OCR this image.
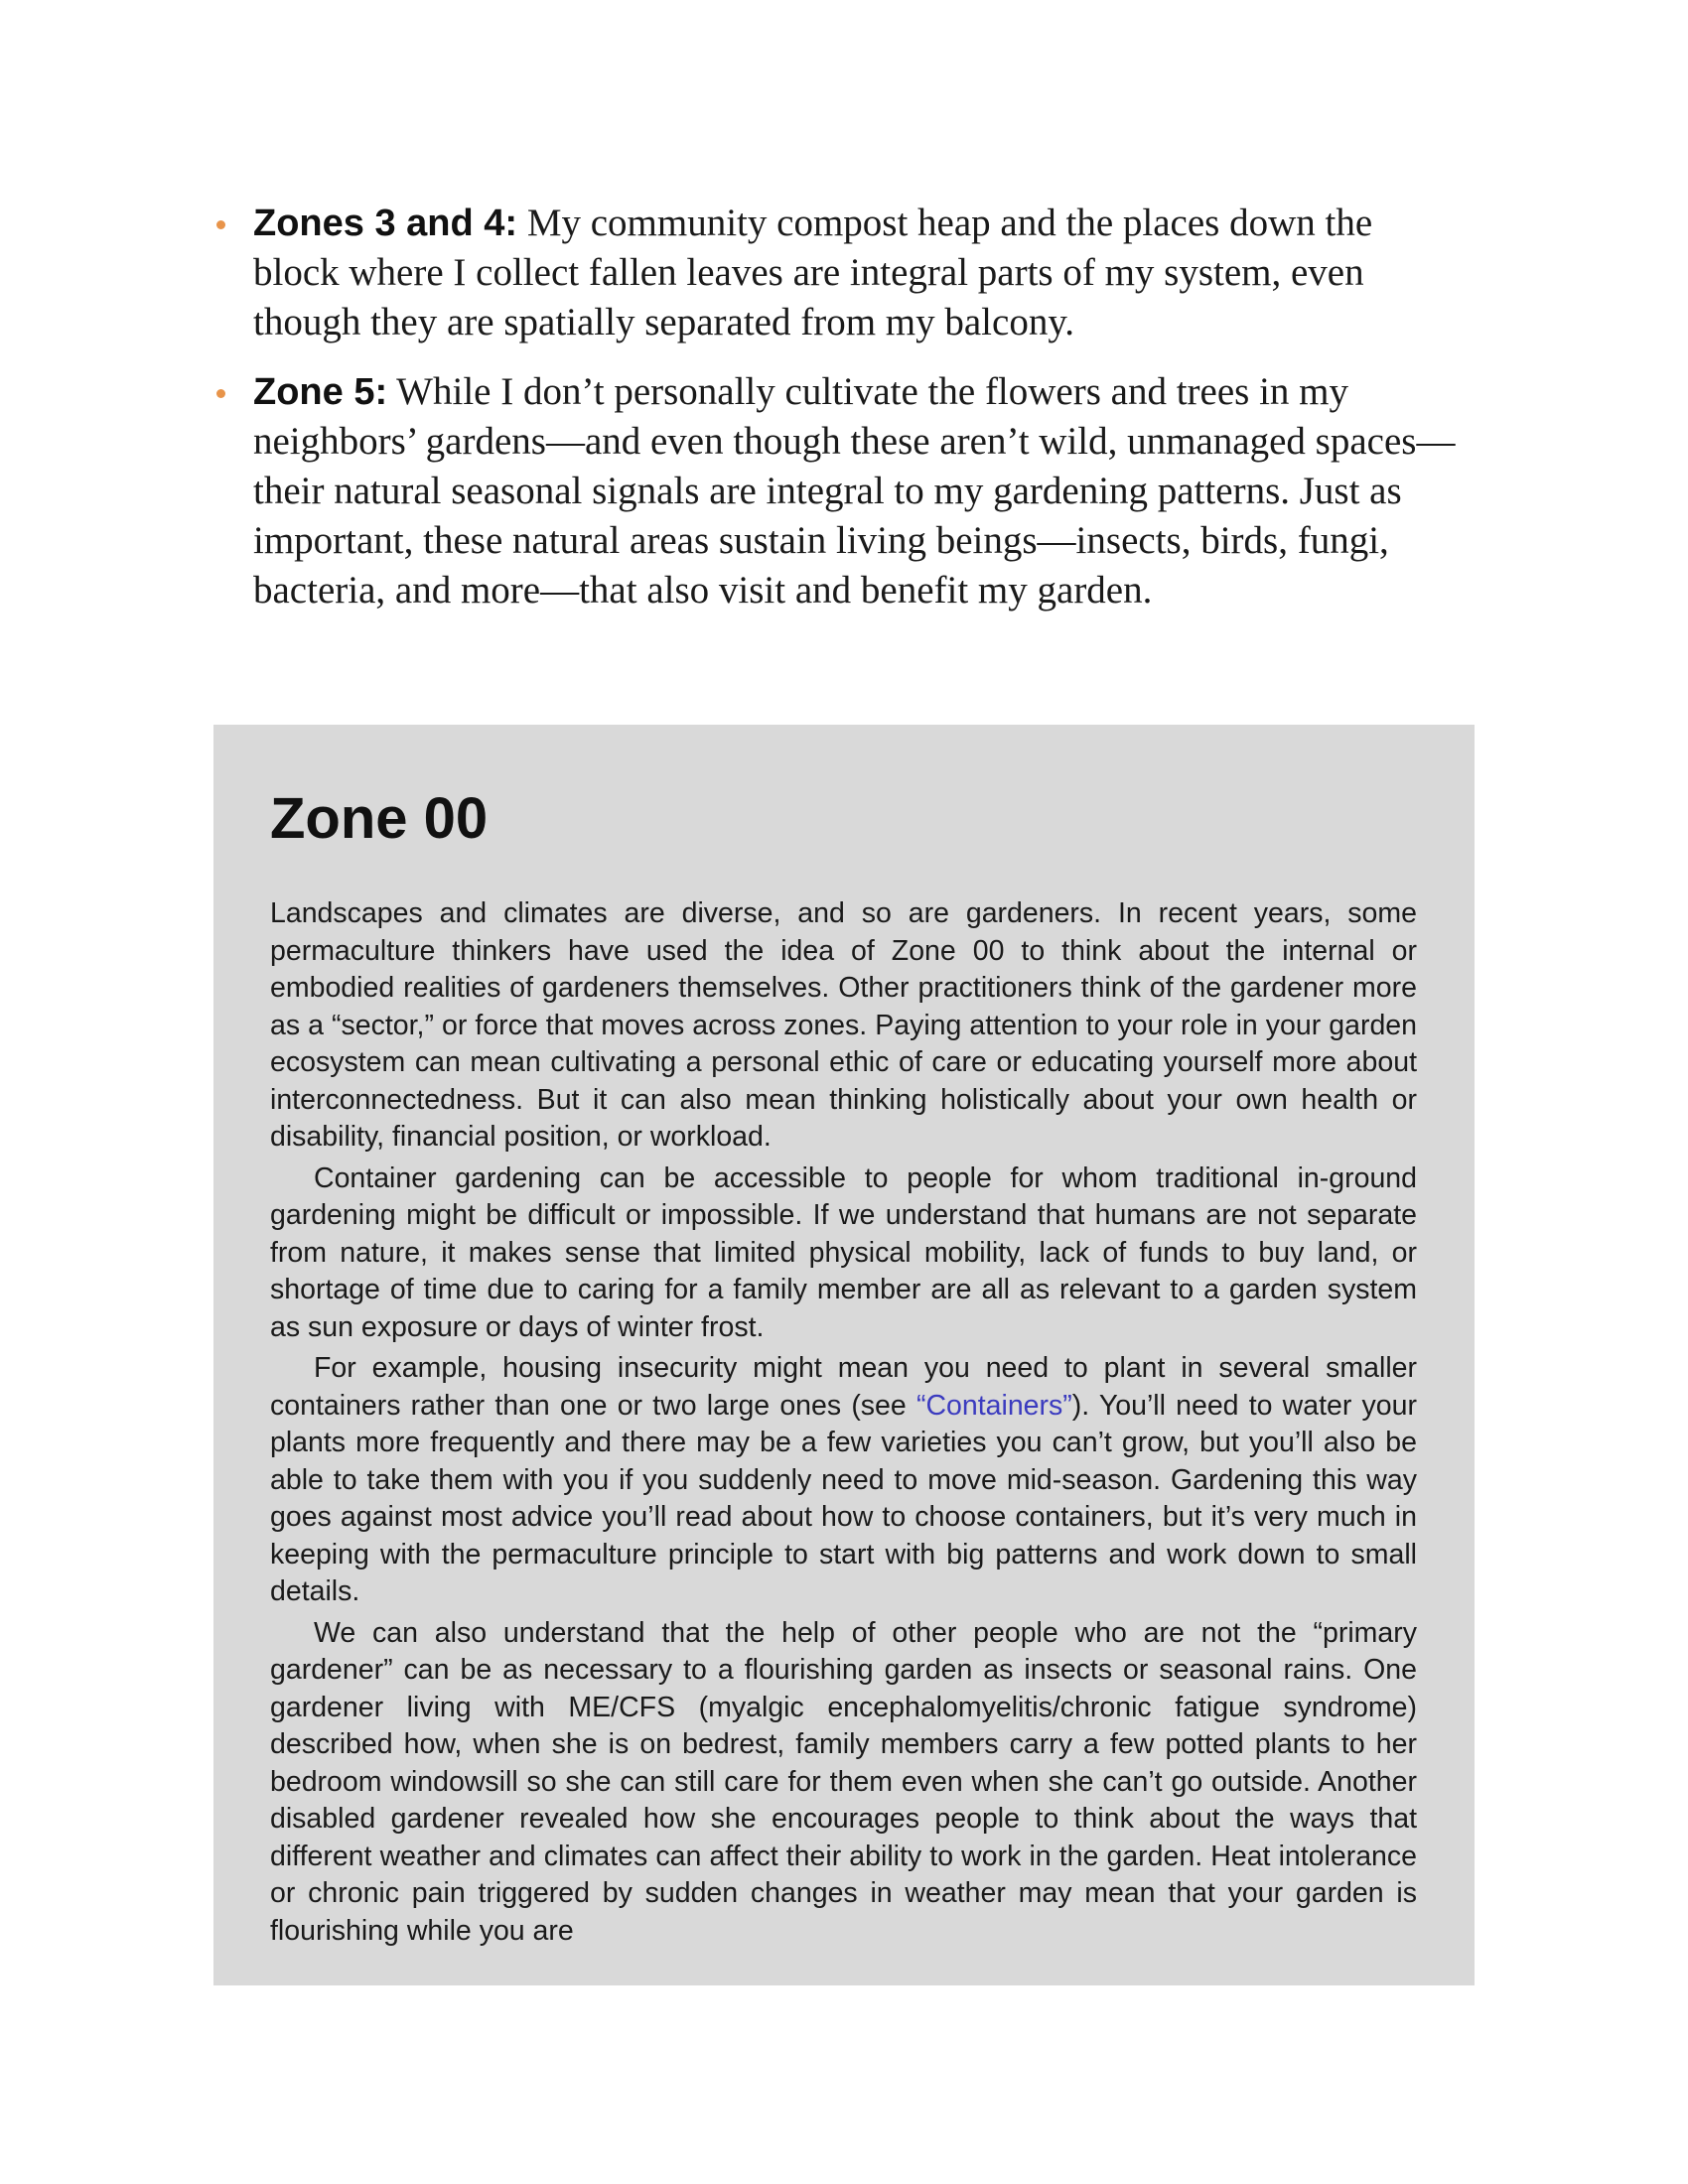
Zones 3 and 4: My community compost heap and the places down the block where I collect fallen leaves are integral parts of my system, even though they are spatially separated from my balcony.
Zone 5: While I don’t personally cultivate the flowers and trees in my neighbors’ gardens—and even though these aren’t wild, unmanaged spaces—their natural seasonal signals are integral to my gardening patterns. Just as important, these natural areas sustain living beings—insects, birds, fungi, bacteria, and more—that also visit and benefit my garden.
Zone 00

Landscapes and climates are diverse, and so are gardeners. In recent years, some permaculture thinkers have used the idea of Zone 00 to think about the internal or embodied realities of gardeners themselves. Other practitioners think of the gardener more as a “sector,” or force that moves across zones. Paying attention to your role in your garden ecosystem can mean cultivating a personal ethic of care or educating yourself more about interconnectedness. But it can also mean thinking holistically about your own health or disability, financial position, or workload.

Container gardening can be accessible to people for whom traditional in-ground gardening might be difficult or impossible. If we understand that humans are not separate from nature, it makes sense that limited physical mobility, lack of funds to buy land, or shortage of time due to caring for a family member are all as relevant to a garden system as sun exposure or days of winter frost.

For example, housing insecurity might mean you need to plant in several smaller containers rather than one or two large ones (see “Containers”). You’ll need to water your plants more frequently and there may be a few varieties you can’t grow, but you’ll also be able to take them with you if you suddenly need to move mid-season. Gardening this way goes against most advice you’ll read about how to choose containers, but it’s very much in keeping with the permaculture principle to start with big patterns and work down to small details.

We can also understand that the help of other people who are not the “primary gardener” can be as necessary to a flourishing garden as insects or seasonal rains. One gardener living with ME/CFS (myalgic encephalomyelitis/chronic fatigue syndrome) described how, when she is on bedrest, family members carry a few potted plants to her bedroom windowsill so she can still care for them even when she can’t go outside. Another disabled gardener revealed how she encourages people to think about the ways that different weather and climates can affect their ability to work in the garden. Heat intolerance or chronic pain triggered by sudden changes in weather may mean that your garden is flourishing while you are
